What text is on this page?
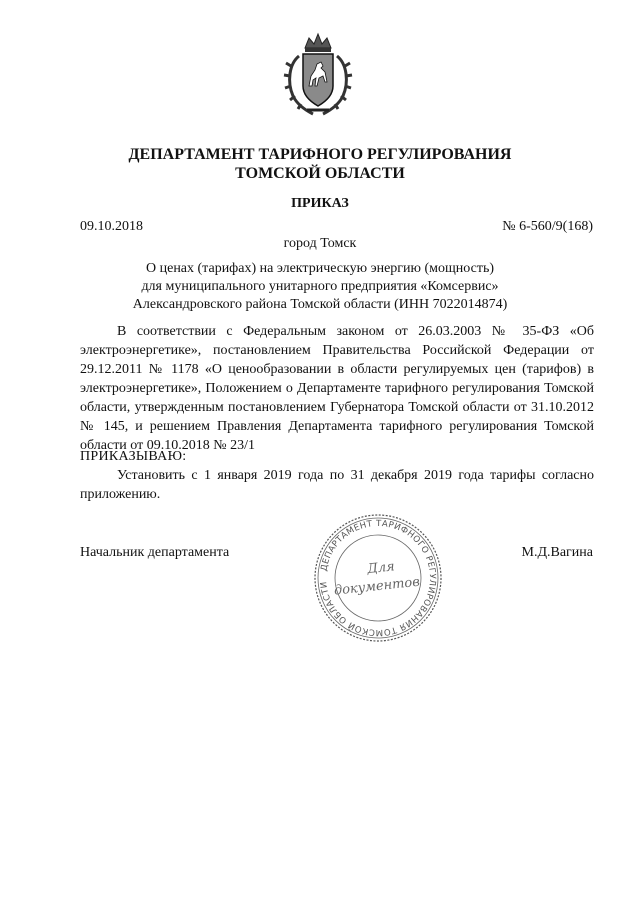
ДЕПАРТАМЕНТ ТАРИФНОГО РЕГУЛИРОВАНИЯ
ТОМСКОЙ ОБЛАСТИ
ПРИКАЗ
09.10.2018	№ 6-560/9(168)
город Томск
О ценах (тарифах) на электрическую энергию (мощность)
для муниципального унитарного предприятия «Комсервис»
Александровского района Томской области (ИНН 7022014874)
В соответствии с Федеральным законом от 26.03.2003 № 35-ФЗ «Об электроэнергетике», постановлением Правительства Российской Федерации от 29.12.2011 № 1178 «О ценообразовании в области регулируемых цен (тарифов) в электроэнергетике», Положением о Департаменте тарифного регулирования Томской области, утвержденным постановлением Губернатора Томской области от 31.10.2012 № 145, и решением Правления Департамента тарифного регулирования Томской области от 09.10.2018 № 23/1
ПРИКАЗЫВАЮ:
Установить с 1 января 2019 года по 31 декабря 2019 года тарифы согласно приложению.
Начальник департамента	М.Д.Вагина
ДЕПАРТАМЕНТ ТАРИФНОГО РЕГУЛИРОВАНИЯ ТОМСКОЙ ОБЛАСТИ
Для
документов
